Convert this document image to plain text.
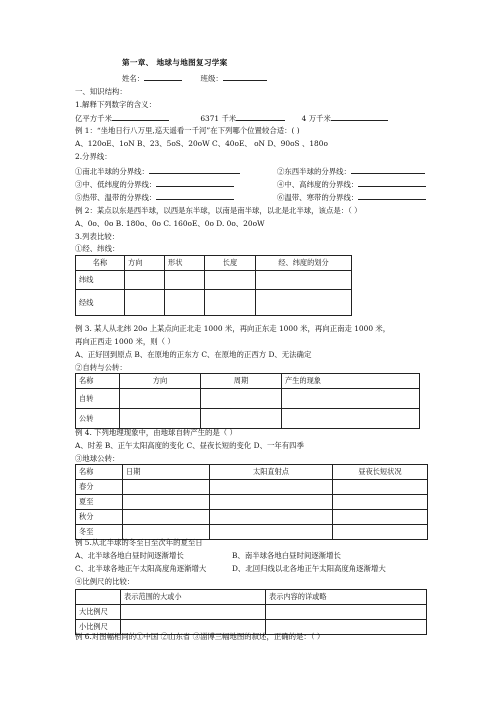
第一章、 地球与地图复习学案
姓名：	班级：
一、知识结构：
1.解释下列数字的含义：
亿平方千米	6371 千米	4 万千米
例 1：“坐地日行八万里,巡天遥看一千河”在下列哪个位置较合适：( )
A、120oE、1oN B、23、5oS、20oW C、40oE、 oN D、90oS 、180o
2.分界线：
①南北半球的分界线：	②东西半球的分界线：
③中、低纬度的分界线：	④中、高纬度的分界线：
⑤热带、温带的分界线：	⑥温带、寒带的分界线：
例 2：某点以东是西半球，以西是东半球，以南是南半球，以北是北半球，该点是：（ ）
A、0o、0o B. 180o、0o C. 160oE、0o D. 0o、20oW
3.列表比较：
①经、纬线：
名称	方向	形状	长度	经、纬度的划分
纬线				
经线				
例 3. 某人从北纬 20o 上某点向正北走 1000 米，再向正东走 1000 米，再向正南走 1000 米，
再向正西走 1000 米，则（ ）
A、正好回到原点 B、在原地的正东方 C、在原地的正西方 D、无法确定
②自转与公转：
名称	方向	周期	产生的现象
自转			
公转			
例 4. 下列地理现象中，由地球自转产生的是（ ）
A、时差 B、正午太阳高度的变化 C、昼夜长短的变化 D、一年有四季
③地球公转：
名称	日期	太阳直射点	昼夜长短状况
春分			
夏至			
秋分			
冬至			
例 5.从北半球的冬至日至次年的夏至日
A、北半球各地白昼时间逐渐增长	B、南半球各地白昼时间逐渐增长
C、北半球各地正午太阳高度角逐渐增大	D、北回归线以北各地正午太阳高度角逐渐增大
④比例尺的比较：
	表示范围的大或小	表示内容的详或略
大比例尺		
小比例尺		
例 6.对图幅相同的①中国 ②山东省 ③淄博三幅地图的叙述，正确的是：（ ）
